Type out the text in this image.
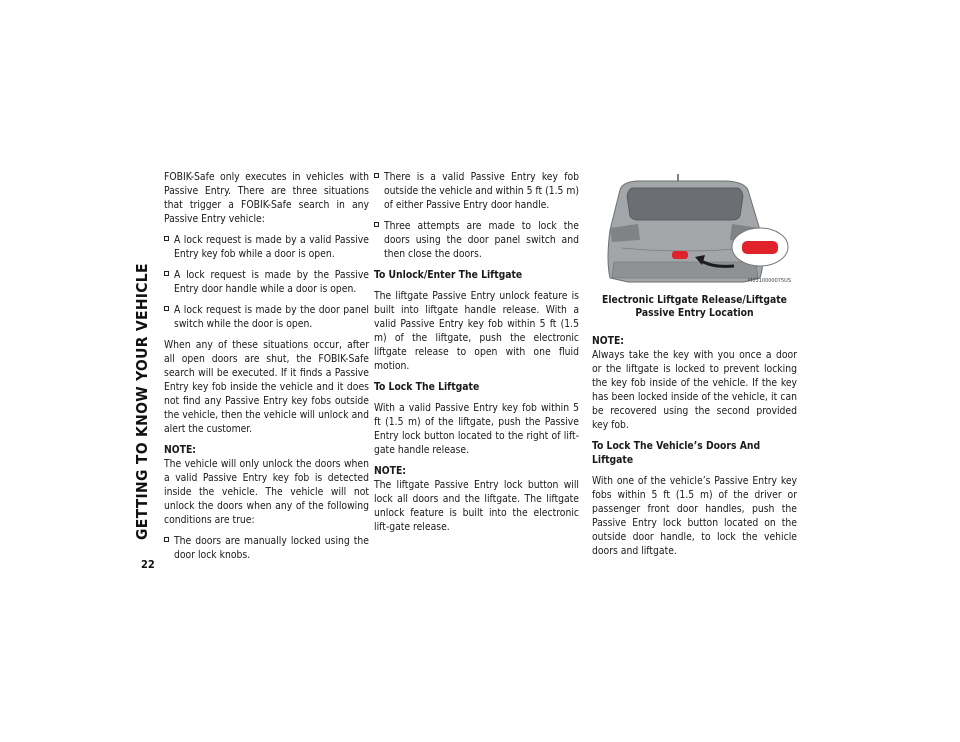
GETTING TO KNOW YOUR VEHICLE
22

FOBIK-Safe only executes in vehicles with Passive Entry. There are three situations that trigger a FOBIK-Safe search in any Passive Entry vehicle:

A lock request is made by a valid Passive Entry key fob while a door is open.
A lock request is made by the Passive Entry door handle while a door is open.
A lock request is made by the door panel switch while the door is open.

When any of these situations occur, after all open doors are shut, the FOBIK-Safe search will be executed. If it finds a Passive Entry key fob inside the vehicle and it does not find any Passive Entry key fobs outside the vehicle, then the vehicle will unlock and alert the customer.

NOTE:

The vehicle will only unlock the doors when a valid Passive Entry key fob is detected inside the vehicle. The vehicle will not unlock the doors when any of the following conditions are true:

The doors are manually locked using the door lock knobs.
There is a valid Passive Entry key fob outside the vehicle and within 5 ft (1.5 m) of either Passive Entry door handle.
Three attempts are made to lock the doors using the door panel switch and then close the doors.
To Unlock/Enter The Liftgate

The liftgate Passive Entry unlock feature is built into liftgate handle release. With a valid Passive Entry key fob within 5 ft (1.5 m) of the liftgate, push the electronic liftgate release to open with one fluid motion.

To Lock The Liftgate

With a valid Passive Entry key fob within 5 ft (1.5 m) of the liftgate, push the Passive Entry lock button located to the right of lift-gate handle release.

NOTE:

The liftgate Passive Entry lock button will lock all doors and the liftgate. The liftgate unlock feature is built into the electronic lift-gate release.

M0310000075US
Electronic Liftgate Release/Liftgate Passive Entry Location
NOTE:

Always take the key with you once a door or the liftgate is locked to prevent locking the key fob inside of the vehicle. If the key has been locked inside of the vehicle, it can be recovered using the second provided key fob.

To Lock The Vehicle’s Doors And Liftgate

With one of the vehicle’s Passive Entry key fobs within 5 ft (1.5 m) of the driver or passenger front door handles, push the Passive Entry lock button located on the outside door handle, to lock the vehicle doors and liftgate.
